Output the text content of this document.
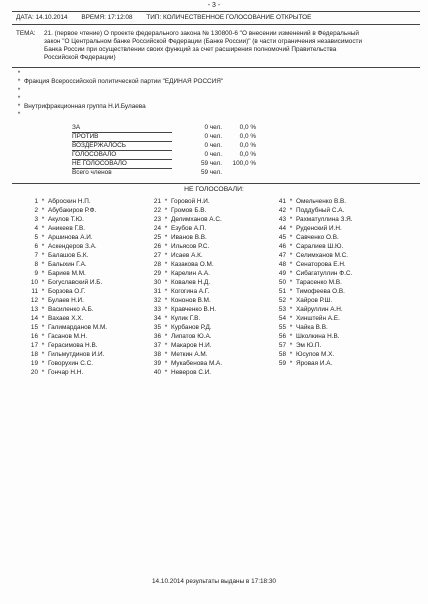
- 3 -
ДАТА: 14.10.2014 ВРЕМЯ: 17:12:08 ТИП: КОЛИЧЕСТВЕННОЕ ГОЛОСОВАНИЕ ОТКРЫТОЕ
ТЕМА: 21. (первое чтение) О проекте федерального закона № 130800-6 "О внесении изменений в Федеральный
закон "О Центральном банке Российской Федерации (Банке России)" (в части ограничения независимости
Банка России при осуществлении своих функций за счет расширения полномочий Правительства
Российской Федерации)
*
* Фракция Всероссийской политической партии "ЕДИНАЯ РОССИЯ"
*
*
* Внутрифракционная группа Н.И.Булаева
*
ЗА	0 чел.	0,0 %
ПРОТИВ	0 чел.	0,0 %
ВОЗДЕРЖАЛОСЬ	0 чел.	0,0 %
ГОЛОСОВАЛО	0 чел.	0,0 %
НЕ ГОЛОСОВАЛО	59 чел.	100,0 %
Всего членов	59 чел.
НЕ ГОЛОСОВАЛИ:
1 * Аброскин Н.П.
2 * Абубакиров Р.Ф.
3 * Акулов Т.Ю.
4 * Аникеев Г.В.
5 * Аршинова А.И.
6 * Аскендеров З.А.
7 * Балашов Б.К.
8 * Балыхин Г.А.
9 * Бариев М.М.
10 * Богуславский И.Б.
11 * Борзова О.Г.
12 * Булаев Н.И.
13 * Василенко А.Б.
14 * Вахаев Х.Х.
15 * Галимарданов М.М.
16 * Гасанов М.Н.
17 * Герасимова Н.В.
18 * Гильмутдинов И.И.
19 * Говорухин С.С.
20 * Гончар Н.Н.
21 * Горовой Н.И.
22 * Громов Б.В.
23 * Делимханов А.С.
24 * Езубов А.П.
25 * Иванов В.В.
26 * Ильясов Р.С.
27 * Исаев А.К.
28 * Казакова О.М.
29 * Карелин А.А.
30 * Ковалев Н.Д.
31 * Когогина А.Г.
32 * Кононов В.М.
33 * Кравченко В.Н.
34 * Кулик Г.В.
35 * Курбанов Р.Д.
36 * Липатов Ю.А.
37 * Макаров Н.И.
38 * Меткин А.М.
39 * Мукабенова М.А.
40 * Неверов С.И.
41 * Омельченко В.В.
42 * Поддубный С.А.
43 * Рахматуллина З.Я.
44 * Руденский И.Н.
45 * Савченко О.В.
46 * Саралиев Ш.Ю.
47 * Селимханов М.С.
48 * Сенаторова Е.Н.
49 * Сибагатуллин Ф.С.
50 * Тарасенко М.В.
51 * Тимофеева О.В.
52 * Хайров Р.Ш.
53 * Хайруллин А.Н.
54 * Хинштейн А.Е.
55 * Чайка В.В.
56 * Школкина Н.В.
57 * Эм Ю.П.
58 * Юсупов М.Х.
59 * Яровая И.А.
14.10.2014 результаты выданы в 17:18:30
